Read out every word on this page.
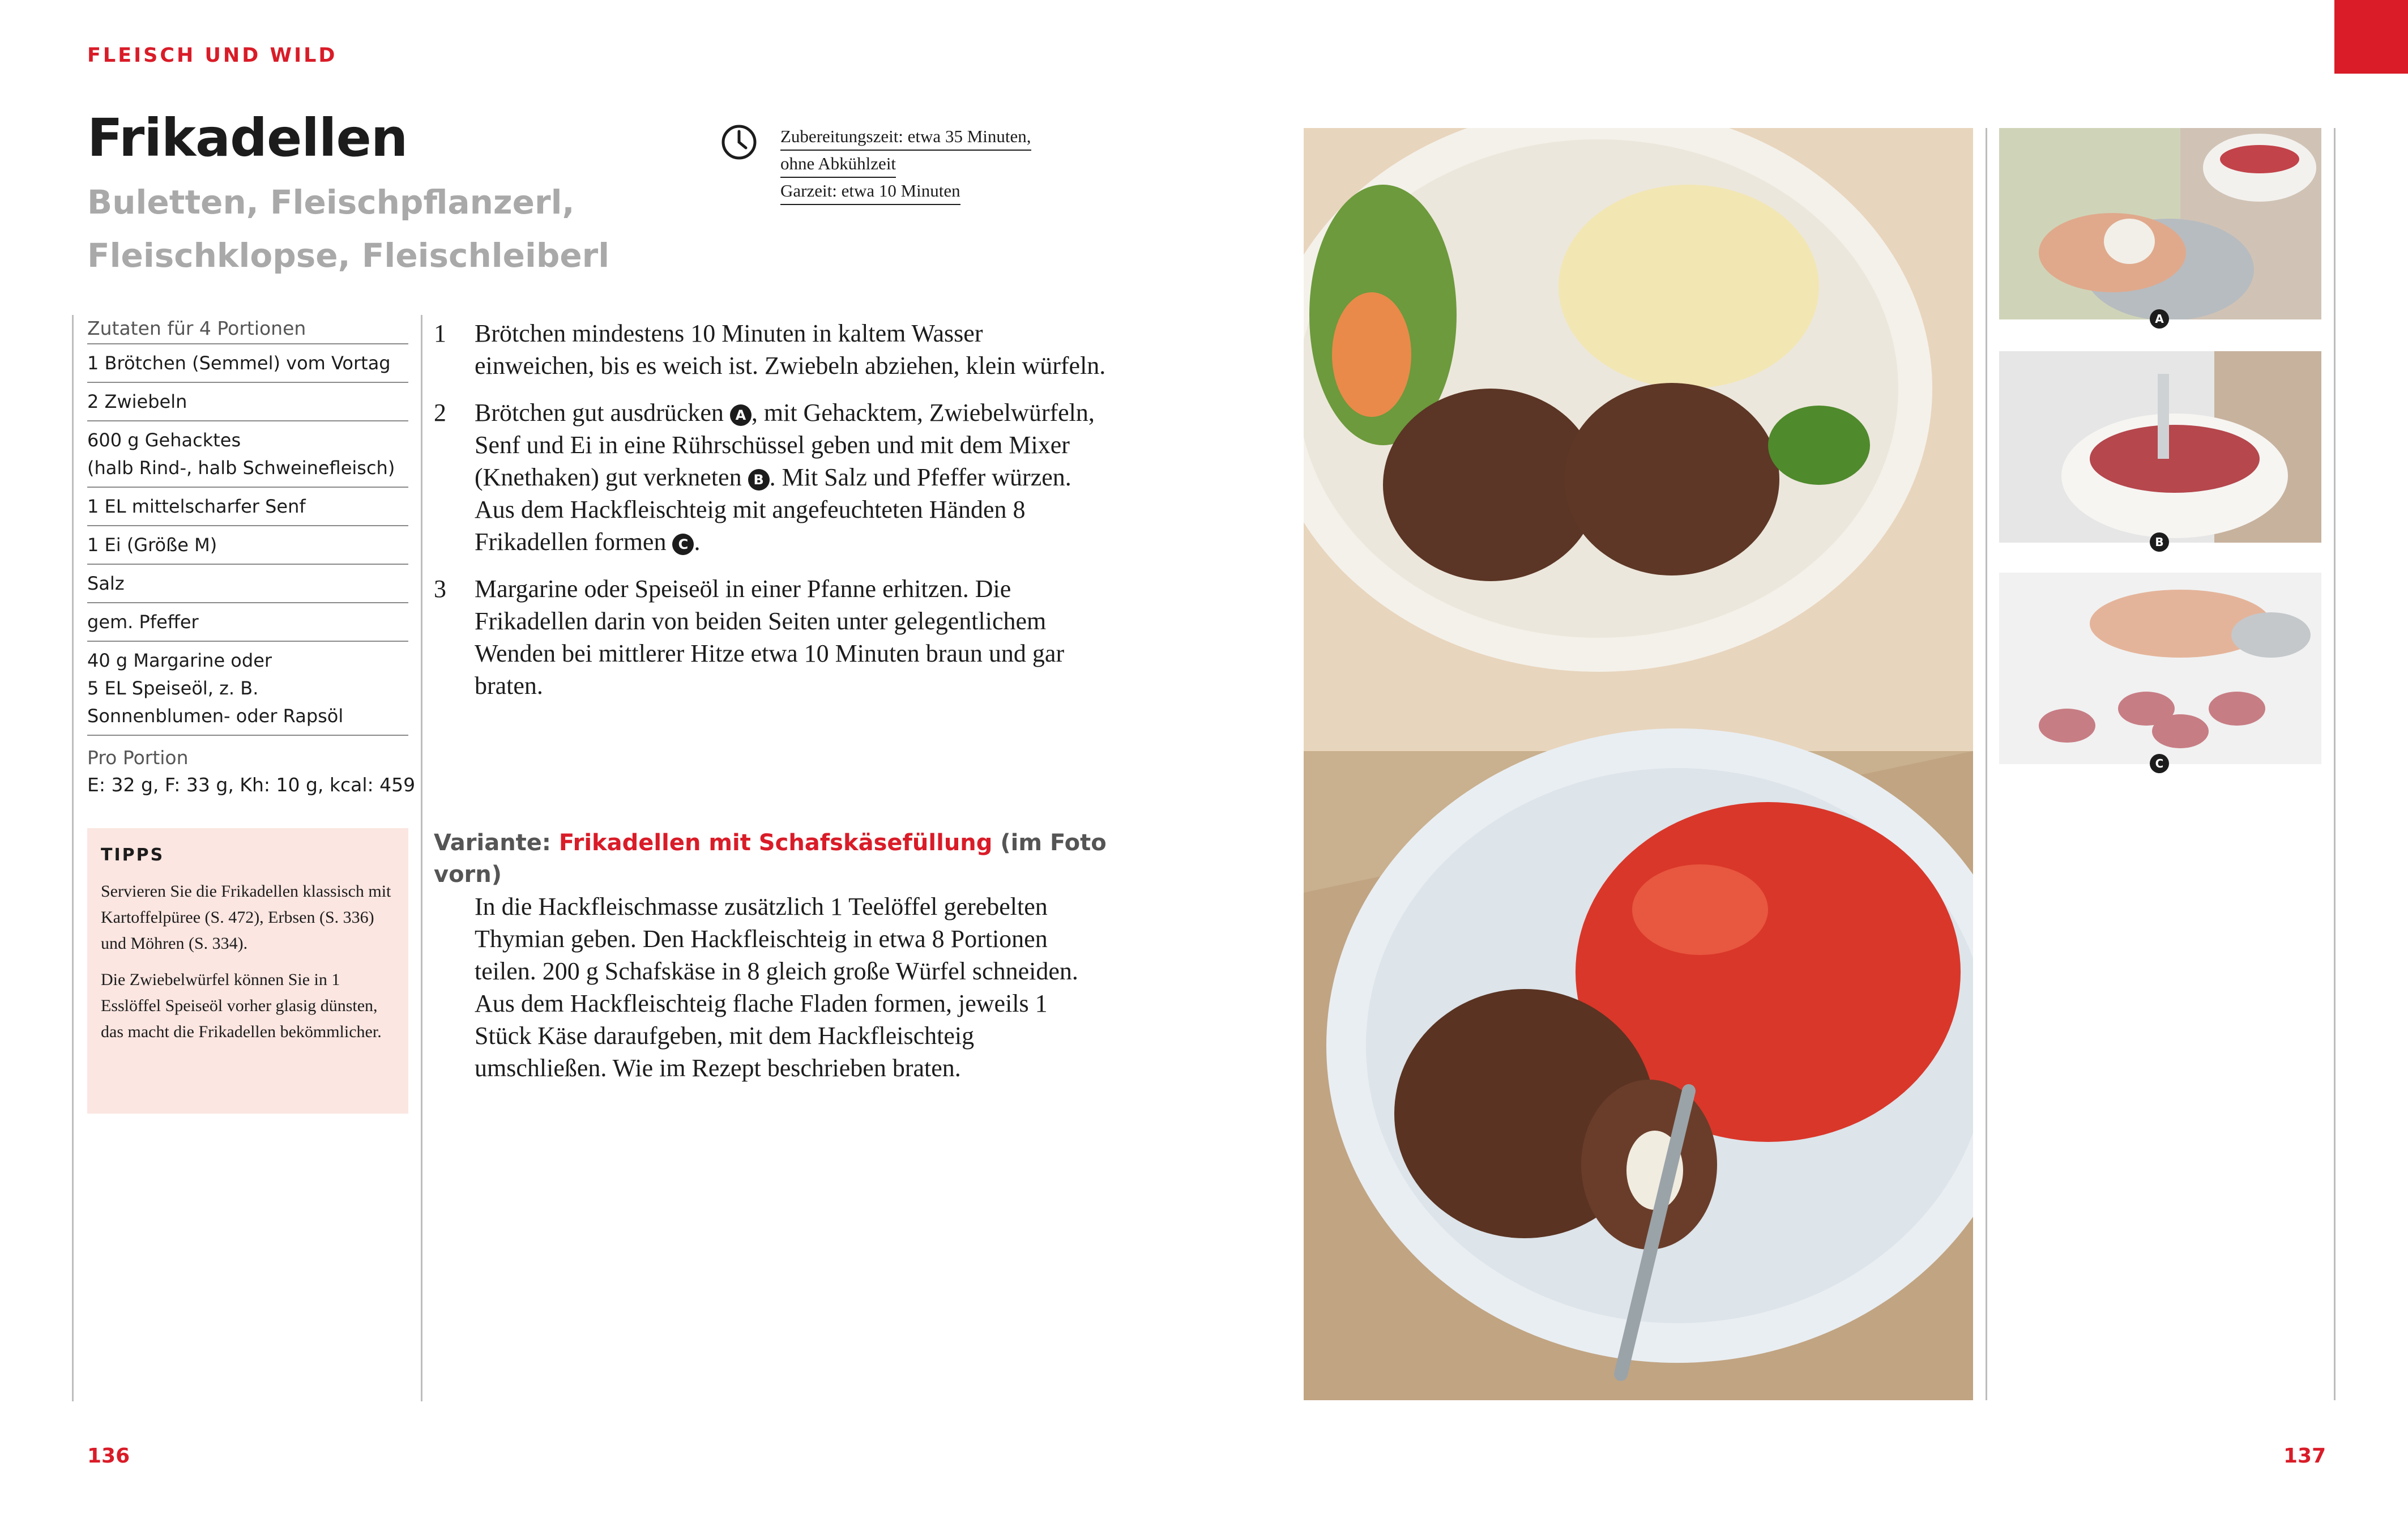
FLEISCH UND WILD
Frikadellen
Buletten, Fleischpflanzerl,
Fleischklopse, Fleischleiberl
Zubereitungszeit: etwa 35 Minuten,
ohne Abkühlzeit
Garzeit: etwa 10 Minuten
Zutaten für 4 Portionen
1 Brötchen (Semmel) vom Vortag
2 Zwiebeln
600 g Gehacktes
(halb Rind-, halb Schweinefleisch)
1 EL mittelscharfer Senf
1 Ei (Größe M)
Salz
gem. Pfeffer
40 g Margarine oder
5 EL Speiseöl, z. B.
Sonnenblumen- oder Rapsöl
Pro Portion
E: 32 g, F: 33 g, Kh: 10 g, kcal: 459
TIPPS

Servieren Sie die Frikadellen klassisch mit Kartoffelpüree (S. 472), Erbsen (S. 336) und Möhren (S. 334).

Die Zwiebelwürfel können Sie in 1 Esslöffel Speiseöl vorher glasig dünsten, das macht die Frikadellen bekömmlicher.

1	Brötchen mindestens 10 Minuten in kaltem Wasser einweichen, bis es weich ist. Zwiebeln abziehen, klein würfeln.
2	Brötchen gut ausdrücken A , mit Gehacktem, Zwiebelwürfeln, Senf und Ei in eine Rührschüssel geben und mit dem Mixer (Knethaken) gut verkneten B . Mit Salz und Pfeffer würzen. Aus dem Hackfleischteig mit angefeuchteten Händen 8 Frikadellen formen C .
3	Margarine oder Speiseöl in einer Pfanne erhitzen. Die Frikadellen darin von beiden Seiten unter gelegentlichem Wenden bei mittlerer Hitze etwa 10 Minuten braun und gar braten.
Variante: Frikadellen mit Schafskäsefüllung (im Foto vorn)
In die Hackfleischmasse zusätzlich 1 Teelöffel gerebelten Thymian geben. Den Hackfleischteig in etwa 8 Portionen teilen. 200 g Schafskäse in 8 gleich große Würfel schneiden. Aus dem Hackfleischteig flache Fladen formen, jeweils 1 Stück Käse daraufgeben, mit dem Hackfleischteig umschließen. Wie im Rezept beschrieben braten.
136	137
A
B
C
